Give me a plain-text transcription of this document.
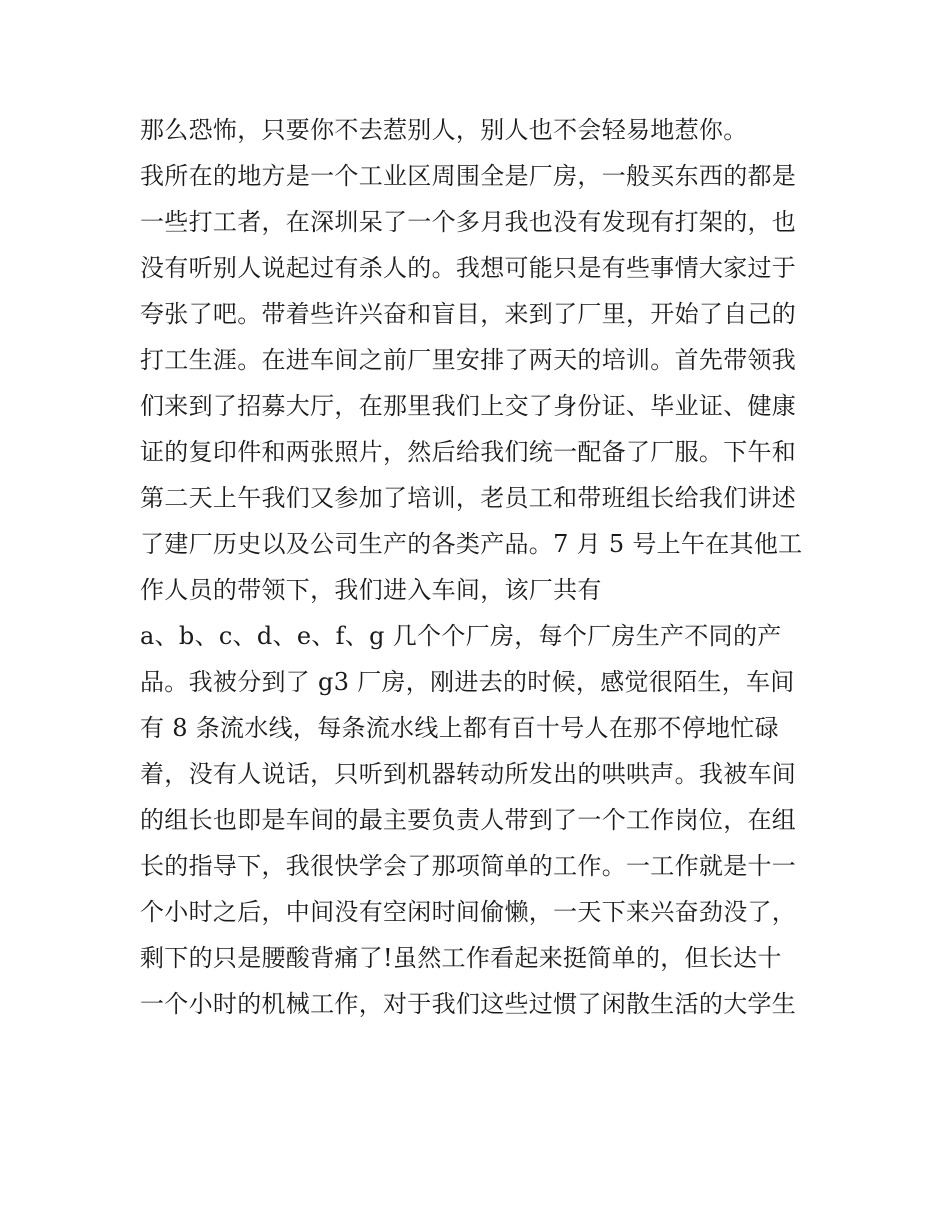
那么恐怖，只要你不去惹别人，别人也不会轻易地惹你。
我所在的地方是一个工业区周围全是厂房，一般买东西的都是
一些打工者，在深圳呆了一个多月我也没有发现有打架的，也
没有听别人说起过有杀人的。我想可能只是有些事情大家过于
夸张了吧。带着些许兴奋和盲目，来到了厂里，开始了自己的
打工生涯。在进车间之前厂里安排了两天的培训。首先带领我
们来到了招募大厅，在那里我们上交了身份证、毕业证、健康
证的复印件和两张照片，然后给我们统一配备了厂服。下午和
第二天上午我们又参加了培训，老员工和带班组长给我们讲述
了建厂历史以及公司生产的各类产品。7 月 5 号上午在其他工
作人员的带领下，我们进入车间，该厂共有
a、b、c、d、e、f、g 几个个厂房，每个厂房生产不同的产
品。我被分到了 g3 厂房，刚进去的时候，感觉很陌生，车间
有 8 条流水线，每条流水线上都有百十号人在那不停地忙碌
着，没有人说话，只听到机器转动所发出的哄哄声。我被车间
的组长也即是车间的最主要负责人带到了一个工作岗位，在组
长的指导下，我很快学会了那项简单的工作。一工作就是十一
个小时之后，中间没有空闲时间偷懒，一天下来兴奋劲没了，
剩下的只是腰酸背痛了!虽然工作看起来挺简单的，但长达十
一个小时的机械工作，对于我们这些过惯了闲散生活的大学生
